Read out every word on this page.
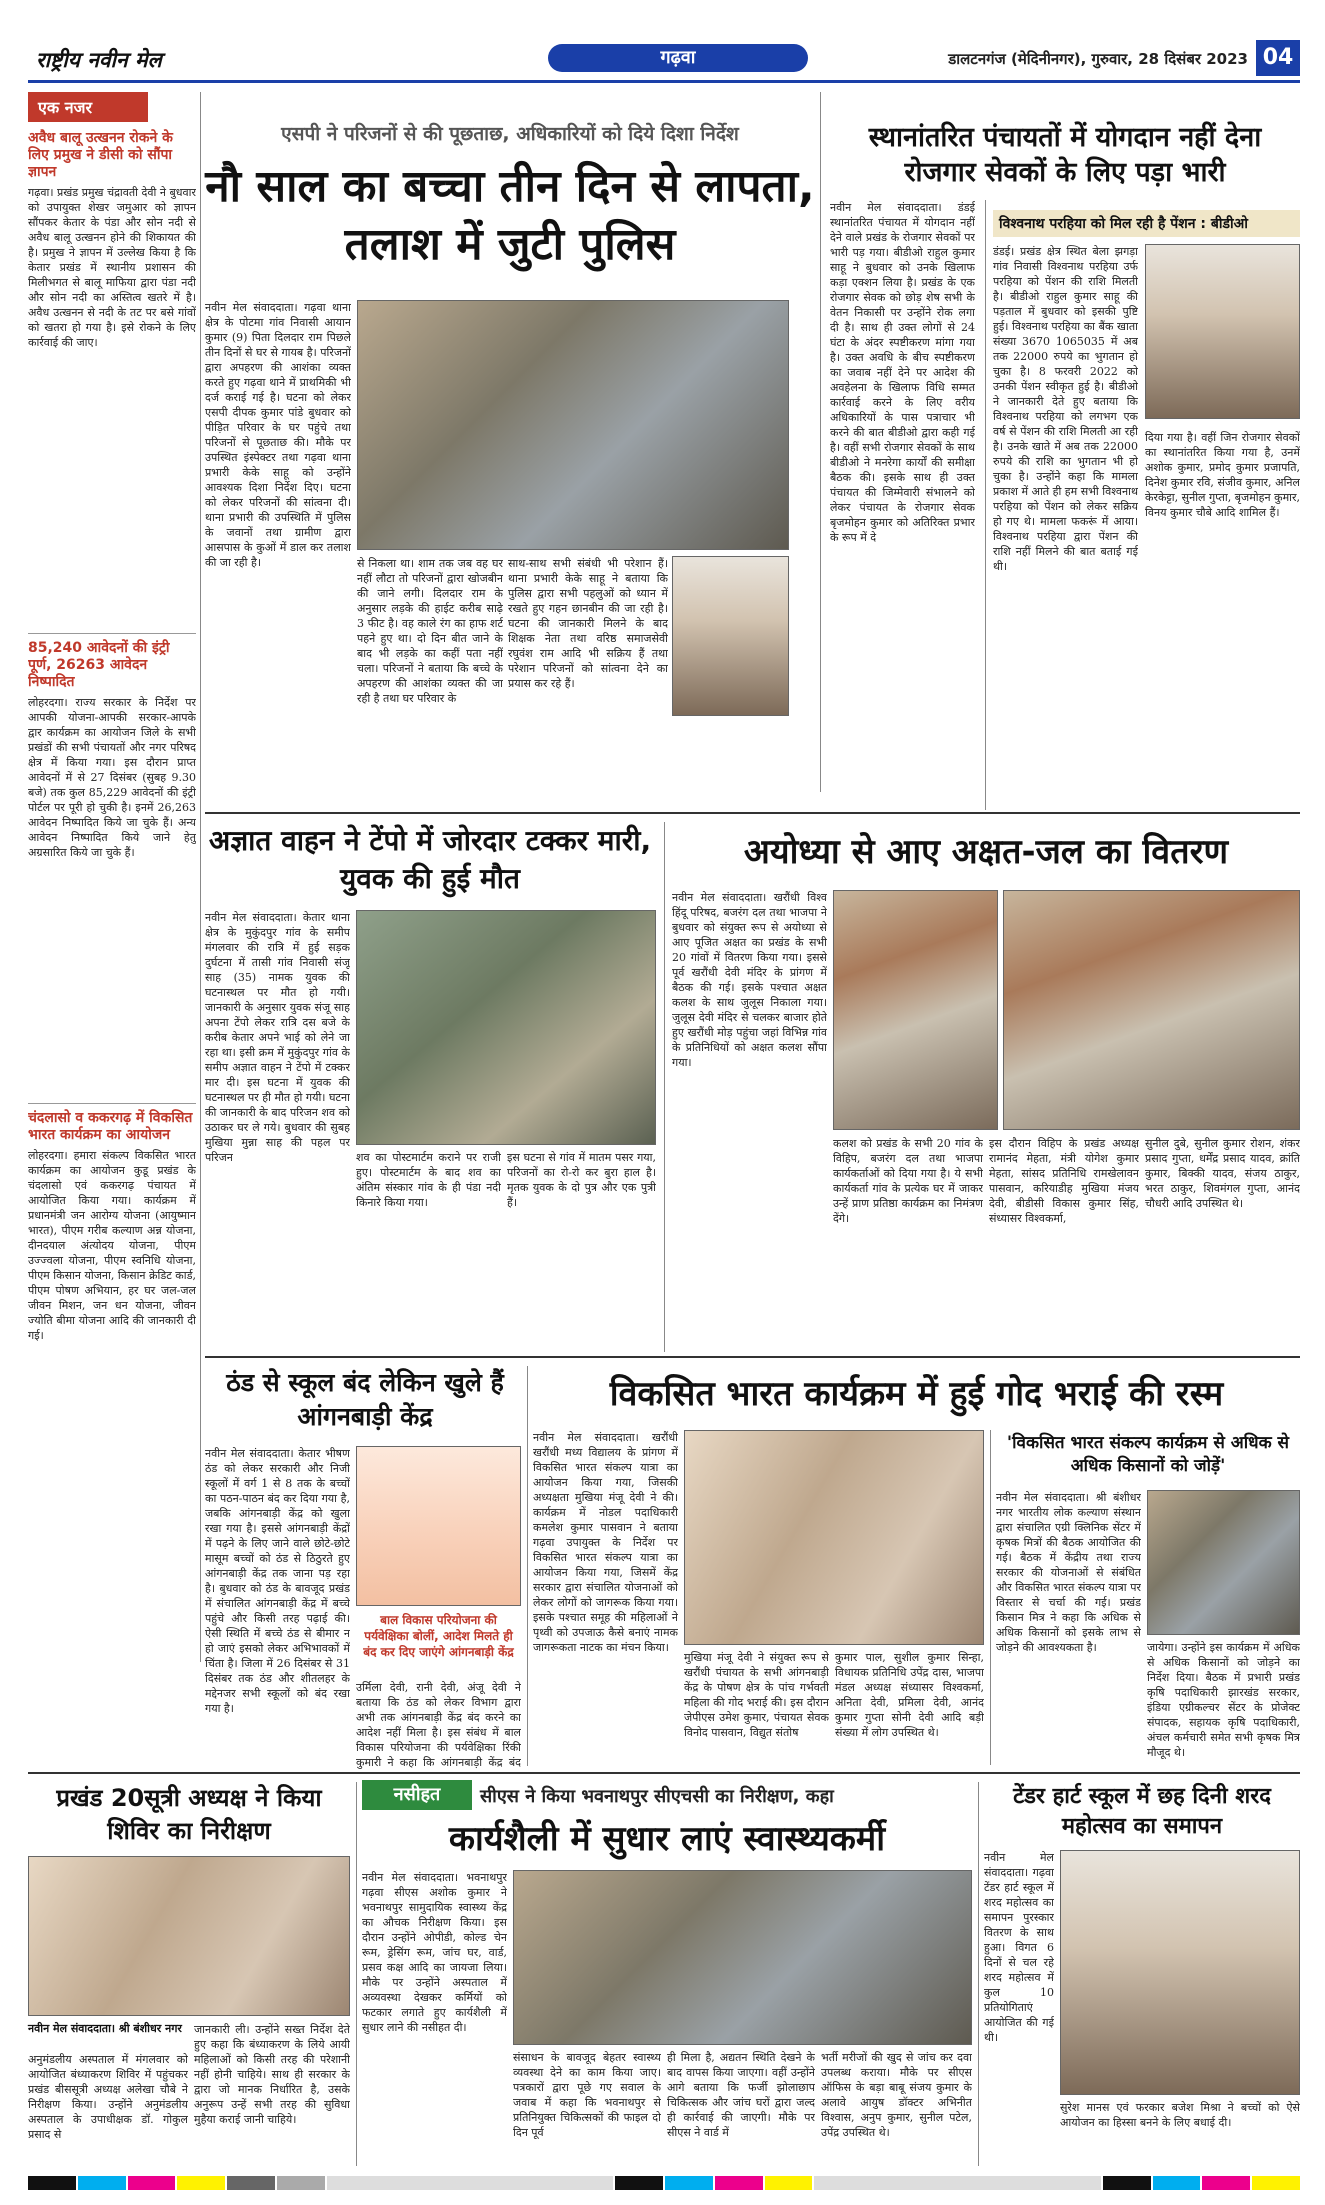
राष्ट्रीय नवीन मेल	गढ़वा	डालटनगंज (मेदिनीनगर), गुरुवार, 28 दिसंबर 2023 04
एक नजर
अवैध बालू उत्खनन रोकने के लिए प्रमुख ने डीसी को सौंपा ज्ञापन
गढ़वा। प्रखंड प्रमुख चंद्रावती देवी ने बुधवार को उपायुक्त शेखर जमुआर को ज्ञापन सौंपकर केतार के पंडा और सोन नदी से अवैध बालू उत्खनन होने की शिकायत की है। प्रमुख ने ज्ञापन में उल्लेख किया है कि केतार प्रखंड में स्थानीय प्रशासन की मिलीभगत से बालू माफिया द्वारा पंडा नदी और सोन नदी का अस्तित्व खतरे में है। अवैध उत्खनन से नदी के तट पर बसे गांवों को खतरा हो गया है। इसे रोकने के लिए कार्रवाई की जाए।
85,240 आवेदनों की इंट्री पूर्ण, 26263 आवेदन निष्पादित
लोहरदगा। राज्य सरकार के निर्देश पर आपकी योजना-आपकी सरकार-आपके द्वार कार्यक्रम का आयोजन जिले के सभी प्रखंडों की सभी पंचायतों और नगर परिषद क्षेत्र में किया गया। इस दौरान प्राप्त आवेदनों में से 27 दिसंबर (सुबह 9.30 बजे) तक कुल 85,229 आवेदनों की इंट्री पोर्टल पर पूरी हो चुकी है। इनमें 26,263 आवेदन निष्पादित किये जा चुके हैं। अन्य आवेदन निष्पादित किये जाने हेतु अग्रसारित किये जा चुके हैं।
चंदलासो व ककरगढ़ में विकसित भारत कार्यक्रम का आयोजन
लोहरदगा। हमारा संकल्प विकसित भारत कार्यक्रम का आयोजन कुडू प्रखंड के चंदलासो एवं ककरगढ़ पंचायत में आयोजित किया गया। कार्यक्रम में प्रधानमंत्री जन आरोग्य योजना (आयुष्मान भारत), पीएम गरीब कल्याण अन्न योजना, दीनदयाल अंत्योदय योजना, पीएम उज्ज्वला योजना, पीएम स्वनिधि योजना, पीएम किसान योजना, किसान क्रेडिट कार्ड, पीएम पोषण अभियान, हर घर जल-जल जीवन मिशन, जन धन योजना, जीवन ज्योति बीमा योजना आदि की जानकारी दी गई।
एसपी ने परिजनों से की पूछताछ, अधिकारियों को दिये दिशा निर्देश
नौ साल का बच्चा तीन दिन से लापता, तलाश में जुटी पुलिस
नवीन मेल संवाददाता। गढ़वा थाना क्षेत्र के पोटमा गांव निवासी आयान कुमार (9) पिता दिलदार राम पिछले तीन दिनों से घर से गायब है। परिजनों द्वारा अपहरण की आशंका व्यक्त करते हुए गढ़वा थाने में प्राथमिकी भी दर्ज कराई गई है। घटना को लेकर एसपी दीपक कुमार पांडे बुधवार को पीड़ित परिवार के घर पहुंचे तथा परिजनों से पूछताछ की। मौके पर उपस्थित इंस्पेक्टर तथा गढ़वा थाना प्रभारी केके साहू को उन्होंने आवश्यक दिशा निर्देश दिए। घटना को लेकर परिजनों की सांत्वना दी। थाना प्रभारी की उपस्थिति में पुलिस के जवानों तथा ग्रामीण द्वारा आसपास के कुओं में डाल कर तलाश की जा रही है।	से निकला था। शाम तक जब वह घर नहीं लौटा तो परिजनों द्वारा खोजबीन की जाने लगी। दिलदार राम के अनुसार लड़के की हाईट करीब साढ़े 3 फीट है। वह काले रंग का हाफ शर्ट पहने हुए था। दो दिन बीत जाने के बाद भी लड़के का कहीं पता नहीं चला। परिजनों ने बताया कि बच्चे के अपहरण की आशंका व्यक्त की जा रही है तथा घर परिवार के
साथ-साथ सभी संबंधी भी परेशान हैं। थाना प्रभारी केके साहू ने बताया कि पुलिस द्वारा सभी पहलुओं को ध्यान में रखते हुए गहन छानबीन की जा रही है। घटना की जानकारी मिलने के बाद शिक्षक नेता तथा वरिष्ठ समाजसेवी रघुवंश राम आदि भी सक्रिय हैं तथा परेशान परिजनों को सांत्वना देने का प्रयास कर रहे हैं।
स्थानांतरित पंचायतों में योगदान नहीं देना रोजगार सेवकों के लिए पड़ा भारी
नवीन मेल संवाददाता। डंडई स्थानांतरित पंचायत में योगदान नहीं देने वाले प्रखंड के रोजगार सेवकों पर भारी पड़ गया। बीडीओ राहुल कुमार साहू ने बुधवार को उनके खिलाफ कड़ा एक्शन लिया है। प्रखंड के एक रोजगार सेवक को छोड़ शेष सभी के वेतन निकासी पर उन्होंने रोक लगा दी है। साथ ही उक्त लोगों से 24 घंटा के अंदर स्पष्टीकरण मांगा गया है। उक्त अवधि के बीच स्पष्टीकरण का जवाब नहीं देने पर आदेश की अवहेलना के खिलाफ विधि सम्मत कार्रवाई करने के लिए वरीय अधिकारियों के पास पत्राचार भी करने की बात बीडीओ द्वारा कही गई है। वहीं सभी रोजगार सेवकों के साथ बीडीओ ने मनरेगा कार्यों की समीक्षा बैठक की। इसके साथ ही उक्त पंचायत की जिम्मेवारी संभालने को लेकर पंचायत के रोजगार सेवक बृजमोहन कुमार को अतिरिक्त प्रभार के रूप में दे
विश्वनाथ परहिया को मिल रही है पेंशन : बीडीओ
डंडई। प्रखंड क्षेत्र स्थित बेला झगड़ा गांव निवासी विश्वनाथ परहिया उर्फ परहिया को पेंशन की राशि मिलती है। बीडीओ राहुल कुमार साहू की पड़ताल में बुधवार को इसकी पुष्टि हुई। विश्वनाथ परहिया का बैंक खाता संख्या 3670 1065035 में अब तक 22000 रुपये का भुगतान हो चुका है। 8 फरवरी 2022 को उनकी पेंशन स्वीकृत हुई है। बीडीओ ने जानकारी देते हुए बताया कि विश्वनाथ परहिया को लगभग एक वर्ष से पेंशन की राशि मिलती आ रही है। उनके खाते में अब तक 22000 रुपये की राशि का भुगतान भी हो चुका है। उन्होंने कहा कि मामला प्रकाश में आते ही हम सभी विश्वनाथ परहिया को पेंशन को लेकर सक्रिय हो गए थे। मामला फकरूं में आया। विश्वनाथ परहिया द्वारा पेंशन की राशि नहीं मिलने की बात बताई गई थी।
दिया गया है। वहीं जिन रोजगार सेवकों का स्थानांतरित किया गया है, उनमें अशोक कुमार, प्रमोद कुमार प्रजापति, दिनेश कुमार रवि, संजीव कुमार, अनिल केरकेट्टा, सुनील गुप्ता, बृजमोहन कुमार, विनय कुमार चौबे आदि शामिल हैं।
अज्ञात वाहन ने टेंपो में जोरदार टक्कर मारी, युवक की हुई मौत
नवीन मेल संवाददाता। केतार थाना क्षेत्र के मुकुंदपुर गांव के समीप मंगलवार की रात्रि में हुई सड़क दुर्घटना में तासी गांव निवासी संजू साह (35) नामक युवक की घटनास्थल पर मौत हो गयी। जानकारी के अनुसार युवक संजू साह अपना टेंपो लेकर रात्रि दस बजे के करीब केतार अपने भाई को लेने जा रहा था। इसी क्रम में मुकुंदपुर गांव के समीप अज्ञात वाहन ने टेंपो में टक्कर मार दी। इस घटना में युवक की घटनास्थल पर ही मौत हो गयी। घटना की जानकारी के बाद परिजन शव को उठाकर घर ले गये। बुधवार की सुबह मुखिया मुन्ना साह की पहल पर परिजन	शव का पोस्टमार्टम कराने पर राजी हुए। पोस्टमार्टम के बाद शव का अंतिम संस्कार गांव के ही पंडा नदी किनारे किया गया।
इस घटना से गांव में मातम पसर गया, परिजनों का रो-रो कर बुरा हाल है। मृतक युवक के दो पुत्र और एक पुत्री हैं।
अयोध्या से आए अक्षत-जल का वितरण
नवीन मेल संवाददाता। खरौंधी विश्व हिंदू परिषद, बजरंग दल तथा भाजपा ने बुधवार को संयुक्त रूप से अयोध्या से आए पूजित अक्षत का प्रखंड के सभी 20 गांवों में वितरण किया गया। इससे पूर्व खरौंधी देवी मंदिर के प्रांगण में बैठक की गई। इसके पश्चात अक्षत कलश के साथ जुलूस निकाला गया। जुलूस देवी मंदिर से चलकर बाजार होते हुए खरौंधी मोड़ पहुंचा जहां विभिन्न गांव के प्रतिनिधियों को अक्षत कलश सौंपा गया।
कलश को प्रखंड के सभी 20 गांव के विहिप, बजरंग दल तथा भाजपा कार्यकर्ताओं को दिया गया है। ये सभी कार्यकर्ता गांव के प्रत्येक घर में जाकर उन्हें प्राण प्रतिष्ठा कार्यक्रम का निमंत्रण देंगे।
इस दौरान विहिप के प्रखंड अध्यक्ष रामानंद मेहता, मंत्री योगेश कुमार मेहता, सांसद प्रतिनिधि रामखेलावन पासवान, करियाडीह मुखिया मंजय देवी, बीडीसी विकास कुमार सिंह, संध्यासर विश्वकर्मा,
सुनील दुबे, सुनील कुमार रोशन, शंकर प्रसाद गुप्ता, धर्मेंद्र प्रसाद यादव, क्रांति कुमार, बिक्की यादव, संजय ठाकुर, भरत ठाकुर, शिवमंगल गुप्ता, आनंद चौधरी आदि उपस्थित थे।
ठंड से स्कूल बंद लेकिन खुले हैं आंगनबाड़ी केंद्र
नवीन मेल संवाददाता। केतार भीषण ठंड को लेकर सरकारी और निजी स्कूलों में वर्ग 1 से 8 तक के बच्चों का पठन-पाठन बंद कर दिया गया है, जबकि आंगनबाड़ी केंद्र को खुला रखा गया है। इससे आंगनबाड़ी केंद्रों में पढ़ने के लिए जाने वाले छोटे-छोटे मासूम बच्चों को ठंड से ठिठुरते हुए आंगनबाड़ी केंद्र तक जाना पड़ रहा है। बुधवार को ठंड के बावजूद प्रखंड में संचालित आंगनबाड़ी केंद्र में बच्चे पहुंचे और किसी तरह पढ़ाई की। ऐसी स्थिति में बच्चे ठंड से बीमार न हो जाएं इसको लेकर अभिभावकों में चिंता है। जिला में 26 दिसंबर से 31 दिसंबर तक ठंड और शीतलहर के मद्देनजर सभी स्कूलों को बंद रखा गया है।
बाल विकास परियोजना की पर्यवेक्षिका बोलीं, आदेश मिलते ही बंद कर दिए जाएंगे आंगनबाड़ी केंद्र
उर्मिला देवी, रानी देवी, अंजू देवी ने बताया कि ठंड को लेकर विभाग द्वारा अभी तक आंगनबाड़ी केंद्र बंद करने का आदेश नहीं मिला है। इस संबंध में बाल विकास परियोजना की पर्यवेक्षिका रिंकी कुमारी ने कहा कि आंगनबाड़ी केंद्र बंद
विकसित भारत कार्यक्रम में हुई गोद भराई की रस्म
नवीन मेल संवाददाता। खरौंधी खरौंधी मध्य विद्यालय के प्रांगण में विकसित भारत संकल्प यात्रा का आयोजन किया गया, जिसकी अध्यक्षता मुखिया मंजू देवी ने की। कार्यक्रम में नोडल पदाधिकारी कमलेश कुमार पासवान ने बताया गढ़वा उपायुक्त के निर्देश पर विकसित भारत संकल्प यात्रा का आयोजन किया गया, जिसमें केंद्र सरकार द्वारा संचालित योजनाओं को लेकर लोगों को जागरूक किया गया। इसके पश्चात समूह की महिलाओं ने पृथ्वी को उपजाऊ कैसे बनाएं नामक जागरूकता नाटक का मंचन किया।
मुखिया मंजू देवी ने संयुक्त रूप से खरौंधी पंचायत के सभी आंगनबाड़ी केंद्र के पोषण क्षेत्र के पांच गर्भवती महिला की गोद भराई की। इस दौरान जेपीएस उमेश कुमार, पंचायत सेवक विनोद पासवान, विद्युत संतोष
कुमार पाल, सुशील कुमार सिन्हा, विधायक प्रतिनिधि उपेंद्र दास, भाजपा मंडल अध्यक्ष संध्यासर विश्वकर्मा, अनिता देवी, प्रमिला देवी, आनंद कुमार गुप्ता सोनी देवी आदि बड़ी संख्या में लोग उपस्थित थे।
'विकसित भारत संकल्प कार्यक्रम से अधिक से अधिक किसानों को जोड़ें'
नवीन मेल संवाददाता। श्री बंशीधर नगर भारतीय लोक कल्याण संस्थान द्वारा संचालित एग्री क्लिनिक सेंटर में कृषक मित्रों की बैठक आयोजित की गई। बैठक में केंद्रीय तथा राज्य सरकार की योजनाओं से संबंधित और विकसित भारत संकल्प यात्रा पर विस्तार से चर्चा की गई। प्रखंड किसान मित्र ने कहा कि अधिक से अधिक किसानों को इसके लाभ से जोड़ने की आवश्यकता है।	जायेगा। उन्होंने इस कार्यक्रम में अधिक से अधिक किसानों को जोड़ने का निर्देश दिया। बैठक में प्रभारी प्रखंड कृषि पदाधिकारी झारखंड सरकार, इंडिया एग्रीकल्चर सेंटर के प्रोजेक्ट संपादक, सहायक कृषि पदाधिकारी, अंचल कर्मचारी समेत सभी कृषक मित्र मौजूद थे।
प्रखंड 20सूत्री अध्यक्ष ने किया शिविर का निरीक्षण
नवीन मेल संवाददाता। श्री बंशीधर नगर
अनुमंडलीय अस्पताल में मंगलवार को आयोजित बंध्याकरण शिविर में पहुंचकर प्रखंड बीससूत्री अध्यक्ष अलेखा चौबे ने निरीक्षण किया। उन्होंने अनुमंडलीय अस्पताल के उपाधीक्षक डॉ. गोकुल प्रसाद से
जानकारी ली। उन्होंने सख्त निर्देश देते हुए कहा कि बंध्याकरण के लिये आयी महिलाओं को किसी तरह की परेशानी नहीं होनी चाहिये। साथ ही सरकार के द्वारा जो मानक निर्धारित है, उसके अनुरूप उन्हें सभी तरह की सुविधा मुहैया कराई जानी चाहिये।
नसीहत	सीएस ने किया भवनाथपुर सीएचसी का निरीक्षण, कहा
कार्यशैली में सुधार लाएं स्वास्थ्यकर्मी
नवीन मेल संवाददाता। भवनाथपुर गढ़वा सीएस अशोक कुमार ने भवनाथपुर सामुदायिक स्वास्थ्य केंद्र का औचक निरीक्षण किया। इस दौरान उन्होंने ओपीडी, कोल्ड चेन रूम, ड्रेसिंग रूम, जांच घर, वार्ड, प्रसव कक्ष आदि का जायजा लिया। मौके पर उन्होंने अस्पताल में अव्यवस्था देखकर कर्मियों को फटकार लगाते हुए कार्यशैली में सुधार लाने की नसीहत दी।
संसाधन के बावजूद बेहतर स्वास्थ्य व्यवस्था देने का काम किया जाए। पत्रकारों द्वारा पूछे गए सवाल के जवाब में कहा कि भवनाथपुर से प्रतिनियुक्त चिकित्सकों की फाइल दो दिन पूर्व
ही मिला है, अद्यतन स्थिति देखने के बाद वापस किया जाएगा। वहीं उन्होंने आगे बताया कि फर्जी झोलाछाप चिकित्सक और जांच घरों द्वारा जल्द ही कार्रवाई की जाएगी। मौके पर सीएस ने वार्ड में
भर्ती मरीजों की खुद से जांच कर दवा उपलब्ध कराया। मौके पर सीएस ऑफिस के बड़ा बाबू संजय कुमार के अलावे आयुष डॉक्टर अभिनीत विश्वास, अनुप कुमार, सुनील पटेल, उपेंद्र उपस्थित थे।
टेंडर हार्ट स्कूल में छह दिनी शरद महोत्सव का समापन
नवीन मेल संवाददाता। गढ़वा टेंडर हार्ट स्कूल में शरद महोत्सव का समापन पुरस्कार वितरण के साथ हुआ। विगत 6 दिनों से चल रहे शरद महोत्सव में कुल 10 प्रतियोगिताएं आयोजित की गई थी।
सुरेश मानस एवं फरकार बजेश मिश्रा ने बच्चों को ऐसे आयोजन का हिस्सा बनने के लिए बधाई दी।
